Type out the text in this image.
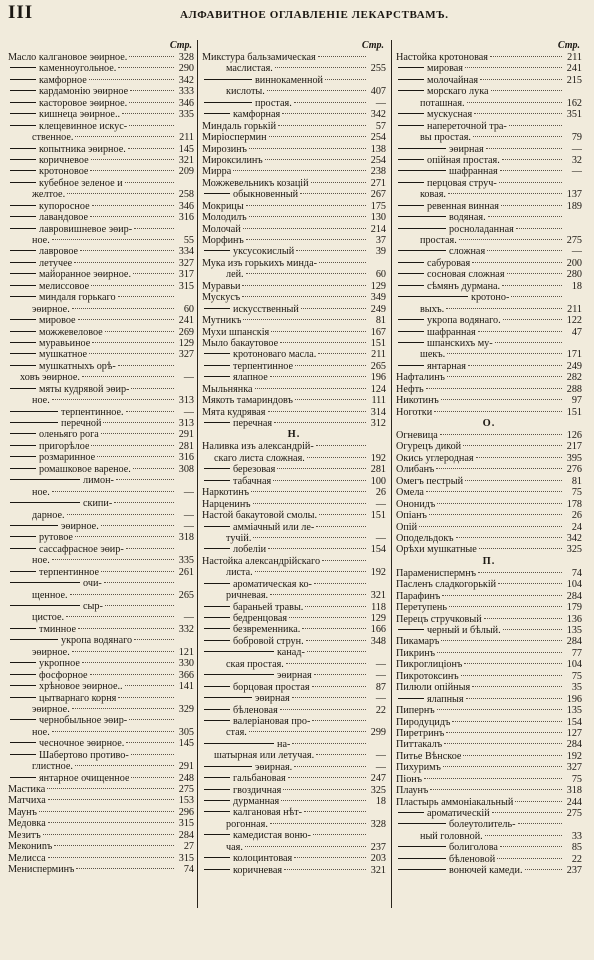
III	АЛФАВИТНОЕ ОГЛАВЛЕНІЕ ЛЕКАРСТВАМЪ.
Стр.
Масло калгановое эѳирное.	328
каменноугольное.	290
камфорное	342
кардамонію эѳирное	333
касторовое эѳирное.	346
кишнеца эѳирное..	335
клещевинное искус-
ственное.	211
копытника эѳирное.	145
коричневое	321
кротоновое	209
кубебное зеленое и
желтое.	258
купоросное	346
лавандовое	316
лавровишневое эѳир-
ное.	55
лавровое	334
летучее	327
майоранное эѳирное.	317
мелиссовое	315
миндаля горькаго
эѳирное.	60
мировое	241
можжевеловое	269
муравьиное	129
мушкатное	327
мушкатныхъ орѣ-
ховъ эѳирное.	—
мяты кудрявой эѳир-
ное.	313
терпентинное.	—
перечной	313
оленьяго рога	291
пригорѣлое	281
розмаринное	316
ромашковое вареное.	308
лимон-
ное.	—
скипи-
дарное.	—
эѳирное.	—
рутовое	318
сассафрасное эѳир-
ное.	335
терпентинное	261
очи-
щенное.	265
сыр-
цистое.	—
тминное	332
укропа водянаго
эѳирное.	121
укропное	330
фосфорное	366
хрѣновое эѳирное..	141
цытварнаго корня
эѳирное.	329
чернобыльное эѳир-
ное.	305
чесночное эѳирное.	145
Шабертово противо-
глистное.	291
янтарное очищенное	248
Мастика	275
Матчиха	153
Маунъ	296
Медовка	315
Мезитъ	284
Мекониnъ	27
Мелисса	315
Менисперминъ	74
Стр.
Микстура бальзамическая
маслистая.	255
виннокаменной
кислоты.	407
простая.	—
камфорная	342
Миндаль горькій	57
Миріоспермин	254
Мирозинъ	138
Мироксилинъ	254
Мирра	238
Можжевельникъ козацій	271
обыкновенный	267
Мокрицы	175
Молодилъ	130
Молочай	214
Морфинъ	37
уксусокислый	39
Мука изъ горькихъ минда-
лей.	60
Муравьи	129
Мускусъ	349
искусственный	249
Мутникъ	81
Мухи шпанскія	167
Мыло бакаутовое	151
кротоноваго масла.	211
терпентинное	265
ялапное	196
Мыльнянка	124
Мякоть тамариндовъ	111
Мята кудрявая	314
перечная	312
Н.
Наливка изъ александрій-
скаго листа сложная.	192
березовая	281
табачная	100
Наркотинъ	26
Нарценинъ	—
Настой бакаутовой смолы.	151
аммiачный или ле-
тучій.	—
лобеліи	154
Настойка александрійскаго
листа.	192
ароматическая ко-
ричневая.	321
бараньей травы.	118
бедренцовая	129
безвременника.	166
бобровой струн.	348
канад-
ская простая.	—
эѳирная	—
борцовая простая	87
эѳирная	—
бѣленовая	22
валеріановая про-
стая.	299
на-
шатырная или летучая.	—
эѳирная.	—
гальбановая	247
гвоздичная	325
дурманная	18
калгановая нѣт-
рогонная.	328
камедистая воню-
чая.	237
колоцинтовая	203
коричневая	321
Стр.
Настойка кротоновая	211
мировая	241
молочайная	215
морскаго лука
поташная.	162
мускусная	351
напереточной тра-
вы простая.	79
эѳирная	—
опійная простая.	32
шафранная	—
перцовая струч-
ковая.	137
ревенная винная	189
водяная.
росноладанная
простая.	275
сложная	—
сабуровая	200
сосновая сложная	280
сѣмянъ дурмана.	18
кротоно-
выхъ.	211
укропа водянаго.	122
шафранная	47
шпанскихъ му-
шекъ.	171
янтарная	249
Нафталинъ	282
Нефть	288
Никотинъ	97
Ноготки	151
О.
Огневица	126
Огурецъ дикой	217
Окись углеродная	395
Олибанъ	276
Омегъ пестрый	81
Омела	75
Ононидъ	178
Опіанъ	26
Опій	24
Оподельдокъ	342
Орѣхи мушкатные	325
П.
Парамениспермнъ	74
Пасленъ сладкогорькій	104
Парафинъ	284
Перетупень	179
Перецъ стручковый	136
черный и бѣлый.	135
Пикамаръ	284
Пикринъ	77
Пикроглиціонъ	104
Пикротоксинъ	75
Пилюли опійныя	35
ялапныя	196
Пипернъ	135
Пиродуцидъ	154
Пиретринъ	127
Питтакалъ	284
Питье Вѣнское	192
Пихуримъ	327
Піонъ	75
Плаунъ	318
Пластырь аммоніакальный	244
ароматическій	275
болеутолитель-
ный головной.	33
болиголова	85
бѣленовой	22
вонючей камеди.	237
